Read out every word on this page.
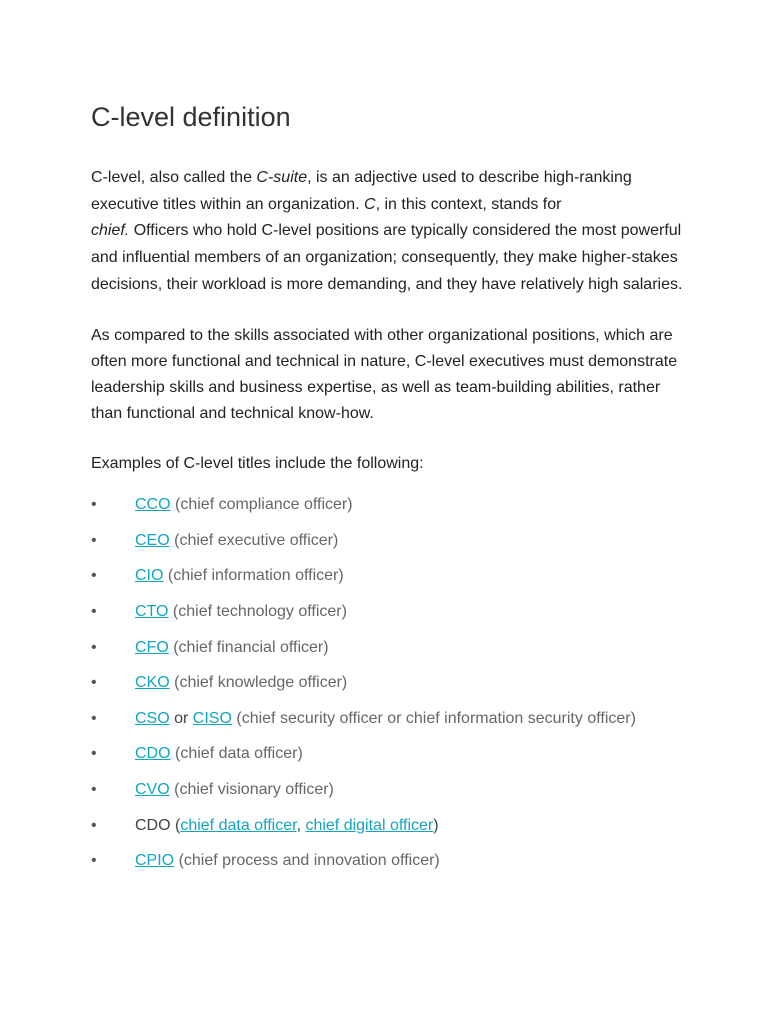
C-level definition

C-level, also called the C-suite, is an adjective used to describe high-ranking executive titles within an organization. C, in this context, stands for
chief. Officers who hold C-level positions are typically considered the most powerful and influential members of an organization; consequently, they make higher-stakes decisions, their workload is more demanding, and they have relatively high salaries.

As compared to the skills associated with other organizational positions, which are often more functional and technical in nature, C-level executives must demonstrate leadership skills and business expertise, as well as team-building abilities, rather than functional and technical know-how.

Examples of C-level titles include the following:

• CCO (chief compliance officer)
• CEO (chief executive officer)
• CIO (chief information officer)
• CTO (chief technology officer)
• CFO (chief financial officer)
• CKO (chief knowledge officer)
• CSO or CISO (chief security officer or chief information security officer)
• CDO (chief data officer)
• CVO (chief visionary officer)
• CDO (chief data officer, chief digital officer)
• CPIO (chief process and innovation officer)
